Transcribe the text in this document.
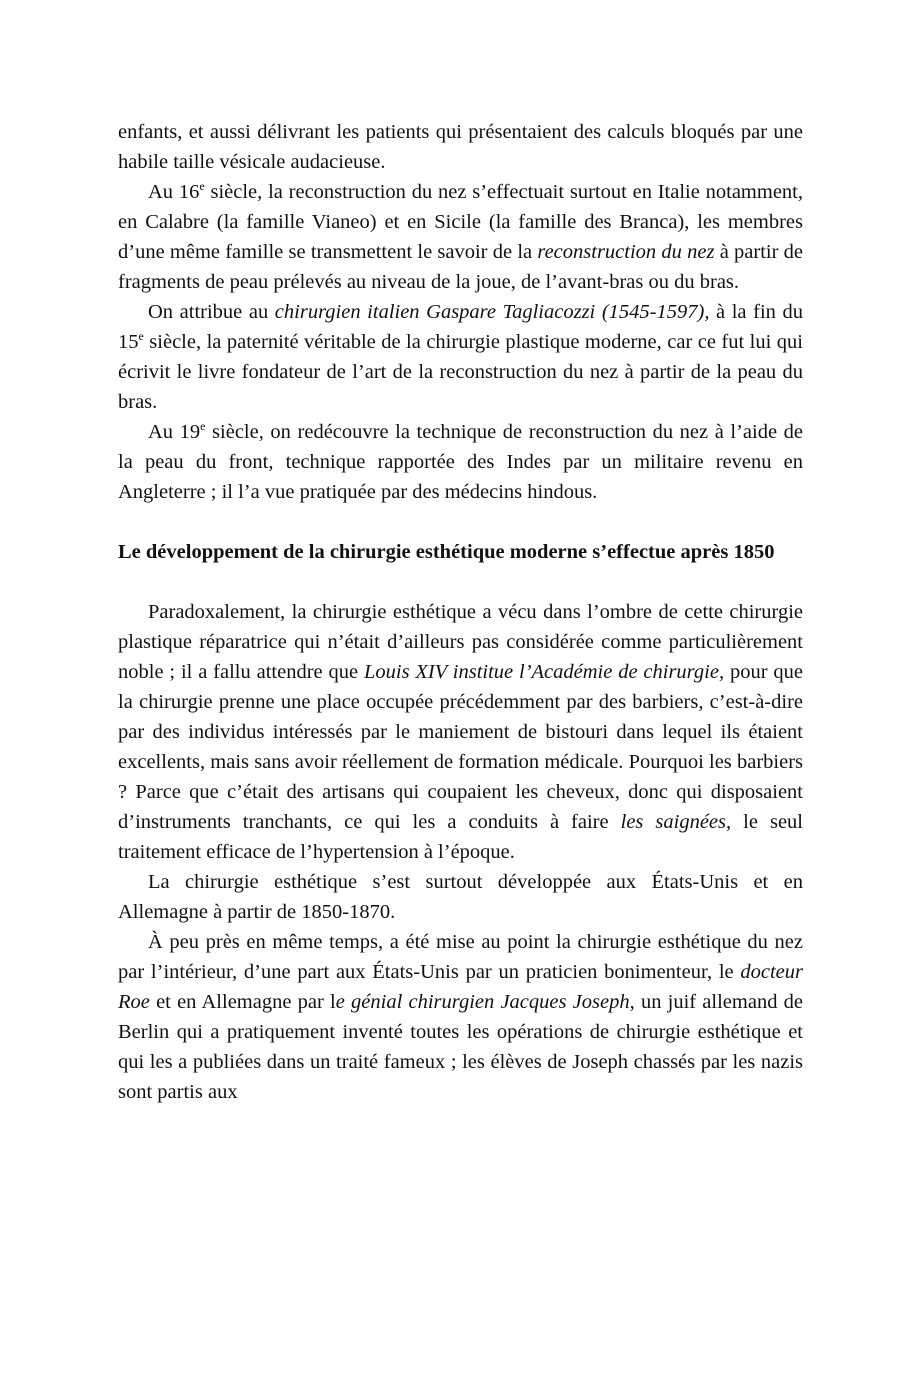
enfants, et aussi délivrant les patients qui présentaient des calculs bloqués par une habile taille vésicale audacieuse.

Au 16e siècle, la reconstruction du nez s’effectuait surtout en Italie notamment, en Calabre (la famille Vianeo) et en Sicile (la famille des Branca), les membres d’une même famille se transmettent le savoir de la reconstruction du nez à partir de fragments de peau prélevés au niveau de la joue, de l’avant-bras ou du bras.

On attribue au chirurgien italien Gaspare Tagliacozzi (1545-1597), à la fin du 15e siècle, la paternité véritable de la chirurgie plastique moderne, car ce fut lui qui écrivit le livre fondateur de l’art de la reconstruction du nez à partir de la peau du bras.

Au 19e siècle, on redécouvre la technique de reconstruction du nez à l’aide de la peau du front, technique rapportée des Indes par un militaire revenu en Angleterre ; il l’a vue pratiquée par des médecins hindous.

Le développement de la chirurgie esthétique moderne s’effectue après 1850

Paradoxalement, la chirurgie esthétique a vécu dans l’ombre de cette chirurgie plastique réparatrice qui n’était d’ailleurs pas considérée comme particulièrement noble ; il a fallu attendre que Louis XIV institue l’Académie de chirurgie, pour que la chirurgie prenne une place occupée précédemment par des barbiers, c’est-à-dire par des individus intéressés par le maniement de bistouri dans lequel ils étaient excellents, mais sans avoir réellement de formation médicale. Pourquoi les barbiers ? Parce que c’était des artisans qui coupaient les cheveux, donc qui disposaient d’instruments tranchants, ce qui les a conduits à faire les saignées, le seul traitement efficace de l’hypertension à l’époque.

La chirurgie esthétique s’est surtout développée aux États-Unis et en Allemagne à partir de 1850-1870.

À peu près en même temps, a été mise au point la chirurgie esthétique du nez par l’intérieur, d’une part aux États-Unis par un praticien bonimenteur, le docteur Roe et en Allemagne par le génial chirurgien Jacques Joseph, un juif allemand de Berlin qui a pratiquement inventé toutes les opérations de chirurgie esthétique et qui les a publiées dans un traité fameux ; les élèves de Joseph chassés par les nazis sont partis aux
